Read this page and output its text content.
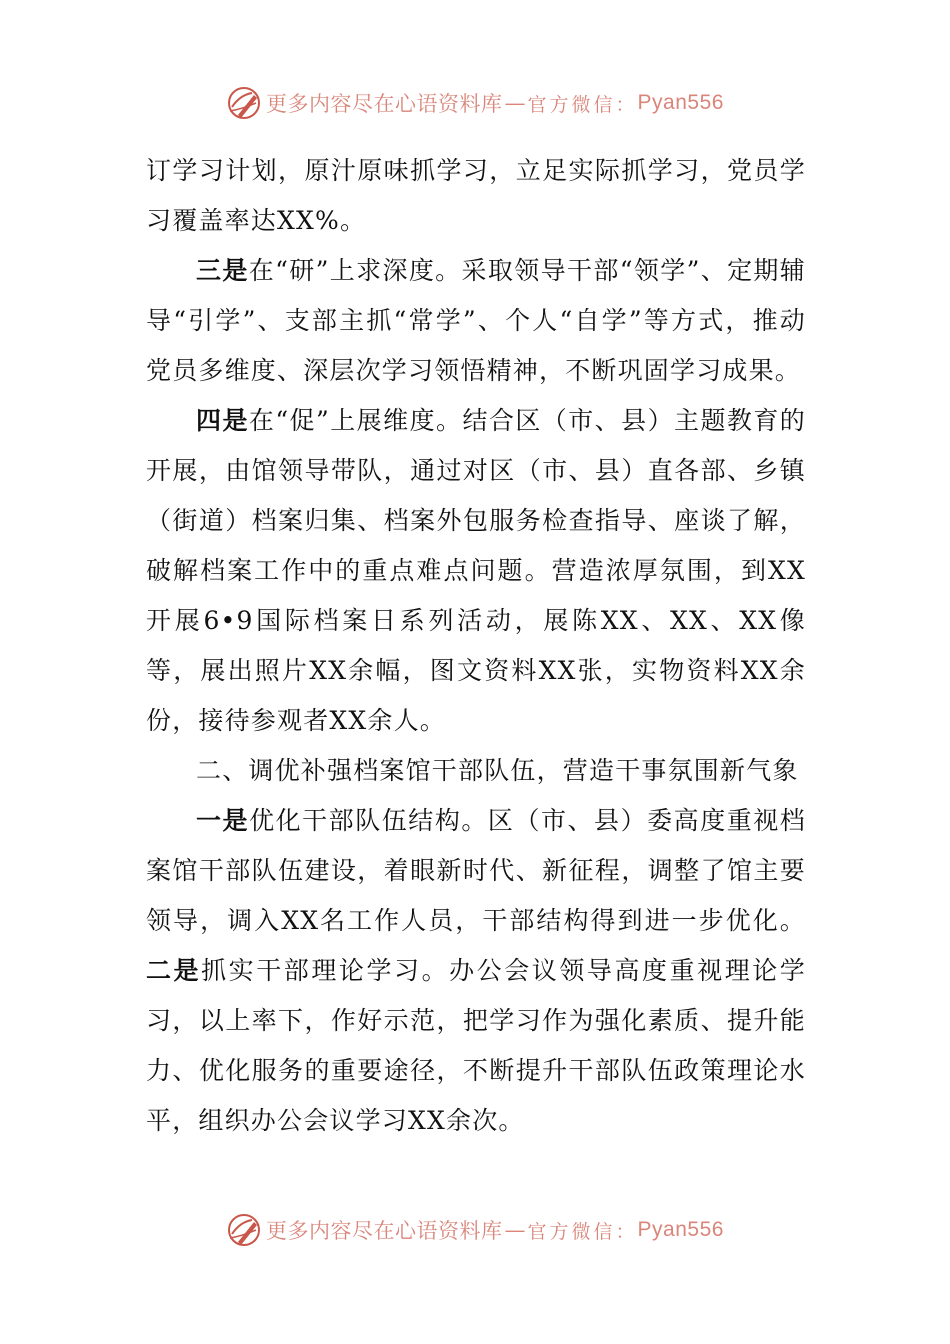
更多内容尽在心语资料库 — 官方微信： Pyan556

订学习计划，原汁原味抓学习，立足实际抓学习，党员学习覆盖率达XX%。

三是在“研”上求深度。采取领导干部“领学”、定期辅导“引学”、支部主抓“常学”、个人“自学”等方式，推动党员多维度、深层次学习领悟精神，不断巩固学习成果。

四是在“促”上展维度。结合区（市、县）主题教育的开展，由馆领导带队，通过对区（市、县）直各部、乡镇（街道）档案归集、档案外包服务检查指导、座谈了解，破解档案工作中的重点难点问题。营造浓厚氛围，到XX开展6•9国际档案日系列活动，展陈XX、XX、XX像等，展出照片XX余幅，图文资料XX张，实物资料XX余份，接待参观者XX余人。

二、调优补强档案馆干部队伍，营造干事氛围新气象

一是优化干部队伍结构。区（市、县）委高度重视档案馆干部队伍建设，着眼新时代、新征程，调整了馆主要领导，调入XX名工作人员，干部结构得到进一步优化。二是抓实干部理论学习。办公会议领导高度重视理论学习，以上率下，作好示范，把学习作为强化素质、提升能力、优化服务的重要途径，不断提升干部队伍政策理论水平，组织办公会议学习XX余次。

更多内容尽在心语资料库 — 官方微信： Pyan556
